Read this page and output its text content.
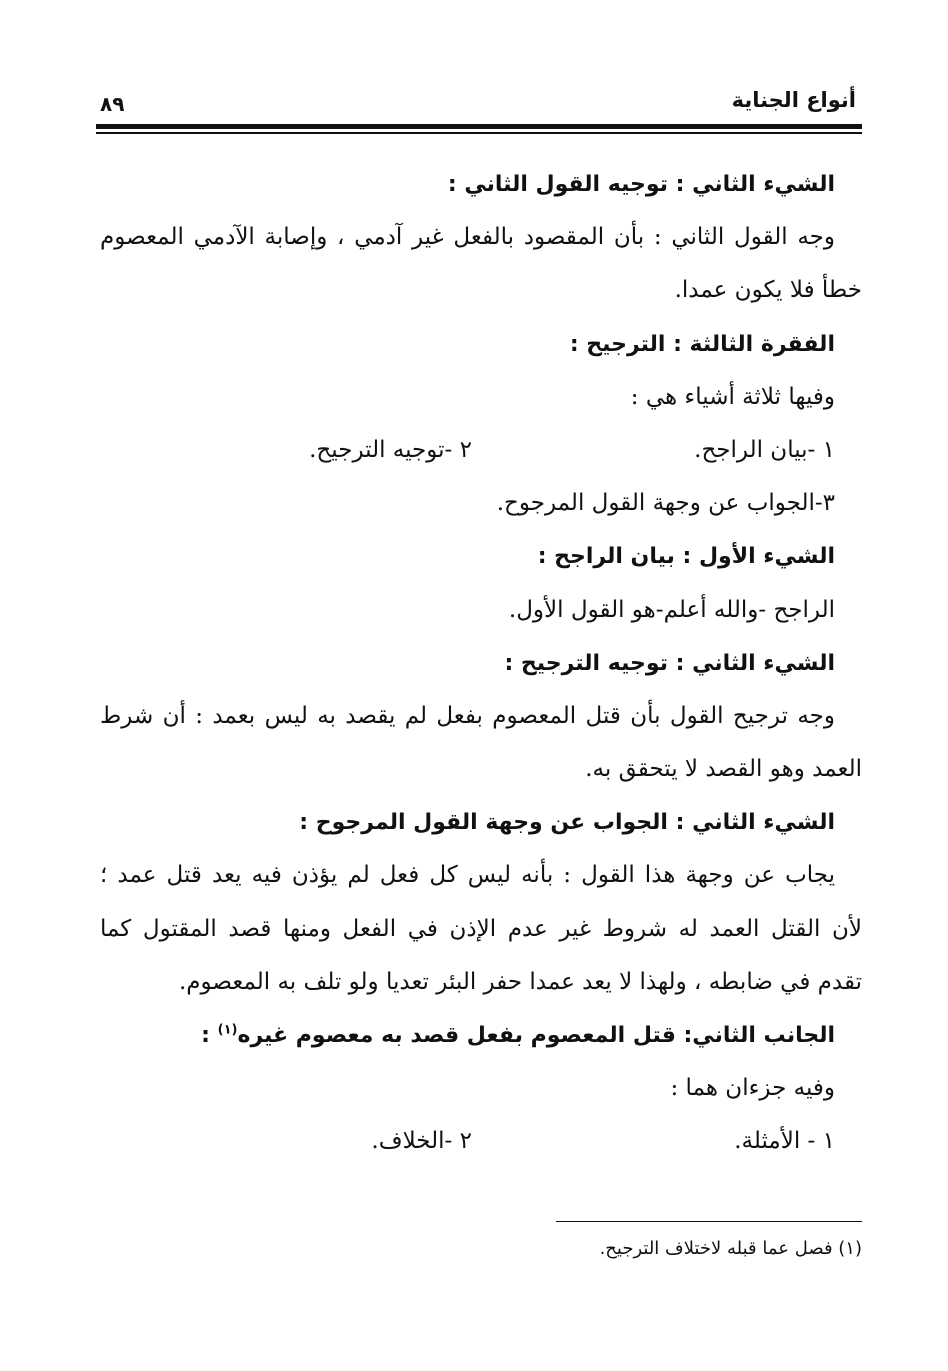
أنواع الجناية
٨٩
الشيء الثاني : توجيه القول الثاني :
وجه القول الثاني : بأن المقصود بالفعل غير آدمي ، وإصابة الآدمي المعصوم
خطأ فلا يكون عمدا.
الفقرة الثالثة : الترجيح :
وفيها ثلاثة أشياء هي :
١ -بيان الراجح.
٢ -توجيه الترجيح.
٣-الجواب عن وجهة القول المرجوح.
الشيء الأول : بيان الراجح :
الراجح -والله أعلم-هو القول الأول.
الشيء الثاني : توجيه الترجيح :
وجه ترجيح القول بأن قتل المعصوم بفعل لم يقصد به ليس بعمد : أن شرط
العمد وهو القصد لا يتحقق به.
الشيء الثاني : الجواب عن وجهة القول المرجوح :
يجاب عن وجهة هذا القول : بأنه ليس كل فعل لم يؤذن فيه يعد قتل عمد ؛
لأن القتل العمد له شروط غير عدم الإذن في الفعل ومنها قصد المقتول كما
تقدم في ضابطه ، ولهذا لا يعد عمدا حفر البئر تعديا ولو تلف به المعصوم.
الجانب الثاني: قتل المعصوم بفعل قصد به معصوم غيره$^{(١)}$ :
وفيه جزءان هما :
١ - الأمثلة.
٢ -الخلاف.
(١) فصل عما قبله لاختلاف الترجيح.
